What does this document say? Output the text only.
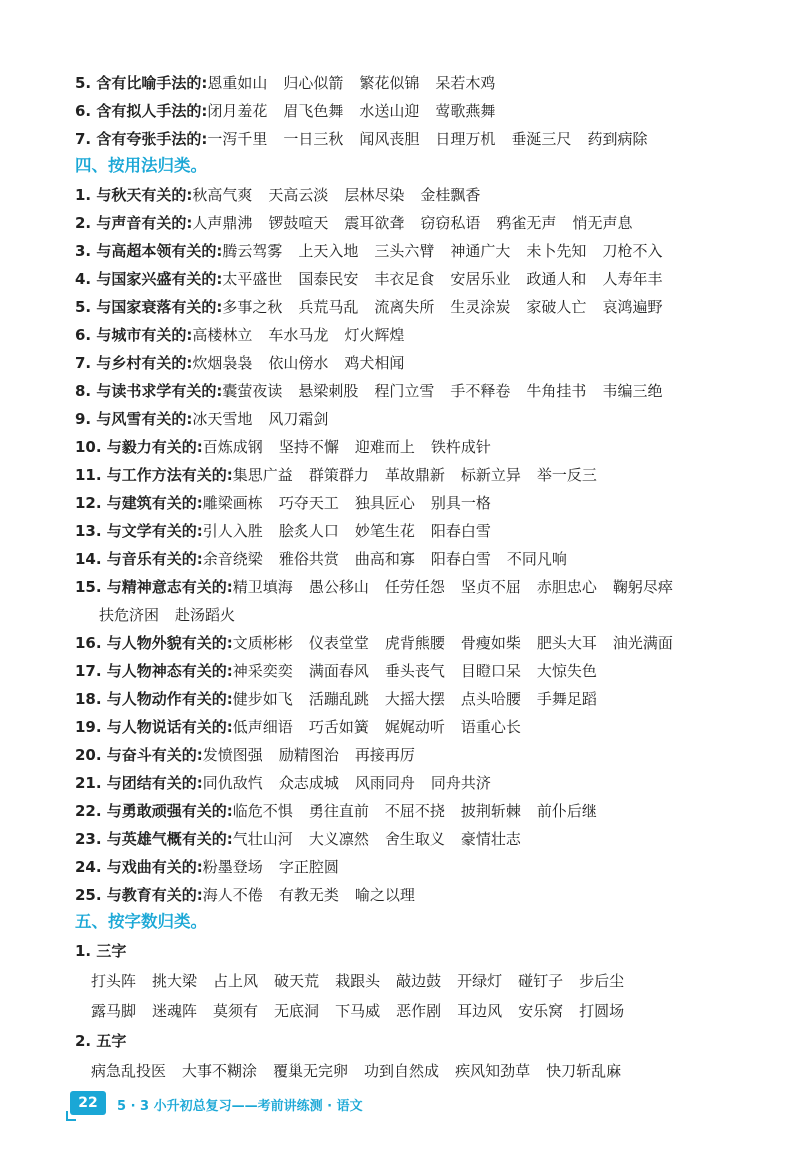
5. 含有比喻手法的:恩重如山 归心似箭 繁花似锦 呆若木鸡
6. 含有拟人手法的:闭月羞花 眉飞色舞 水送山迎 莺歌燕舞
7. 含有夸张手法的:一泻千里 一日三秋 闻风丧胆 日理万机 垂涎三尺 药到病除
四、按用法归类。
1. 与秋天有关的:秋高气爽 天高云淡 层林尽染 金桂飘香
2. 与声音有关的:人声鼎沸 锣鼓喧天 震耳欲聋 窃窃私语 鸦雀无声 悄无声息
3. 与高超本领有关的:腾云驾雾 上天入地 三头六臂 神通广大 未卜先知 刀枪不入
4. 与国家兴盛有关的:太平盛世 国泰民安 丰衣足食 安居乐业 政通人和 人寿年丰
5. 与国家衰落有关的:多事之秋 兵荒马乱 流离失所 生灵涂炭 家破人亡 哀鸿遍野
6. 与城市有关的:高楼林立 车水马龙 灯火辉煌
7. 与乡村有关的:炊烟袅袅 依山傍水 鸡犬相闻
8. 与读书求学有关的:囊萤夜读 悬梁刺股 程门立雪 手不释卷 牛角挂书 韦编三绝
9. 与风雪有关的:冰天雪地 风刀霜剑
10. 与毅力有关的:百炼成钢 坚持不懈 迎难而上 铁杵成针
11. 与工作方法有关的:集思广益 群策群力 革故鼎新 标新立异 举一反三
12. 与建筑有关的:雕梁画栋 巧夺天工 独具匠心 别具一格
13. 与文学有关的:引人入胜 脍炙人口 妙笔生花 阳春白雪
14. 与音乐有关的:余音绕梁 雅俗共赏 曲高和寡 阳春白雪 不同凡响
15. 与精神意志有关的:精卫填海 愚公移山 任劳任怨 坚贞不屈 赤胆忠心 鞠躬尽瘁
扶危济困 赴汤蹈火
16. 与人物外貌有关的:文质彬彬 仪表堂堂 虎背熊腰 骨瘦如柴 肥头大耳 油光满面
17. 与人物神态有关的:神采奕奕 满面春风 垂头丧气 目瞪口呆 大惊失色
18. 与人物动作有关的:健步如飞 活蹦乱跳 大摇大摆 点头哈腰 手舞足蹈
19. 与人物说话有关的:低声细语 巧舌如簧 娓娓动听 语重心长
20. 与奋斗有关的:发愤图强 励精图治 再接再厉
21. 与团结有关的:同仇敌忾 众志成城 风雨同舟 同舟共济
22. 与勇敢顽强有关的:临危不惧 勇往直前 不屈不挠 披荆斩棘 前仆后继
23. 与英雄气概有关的:气壮山河 大义凛然 舍生取义 豪情壮志
24. 与戏曲有关的:粉墨登场 字正腔圆
25. 与教育有关的:海人不倦 有教无类 喻之以理
五、按字数归类。
1. 三字
打头阵 挑大梁 占上风 破天荒 栽跟头 敲边鼓 开绿灯 碰钉子 步后尘
露马脚 迷魂阵 莫须有 无底洞 下马威 恶作剧 耳边风 安乐窝 打圆场
2. 五字
病急乱投医 大事不糊涂 覆巢无完卵 功到自然成 疾风知劲草 快刀斩乱麻
22	5 · 3 小升初总复习——考前讲练测 · 语文
